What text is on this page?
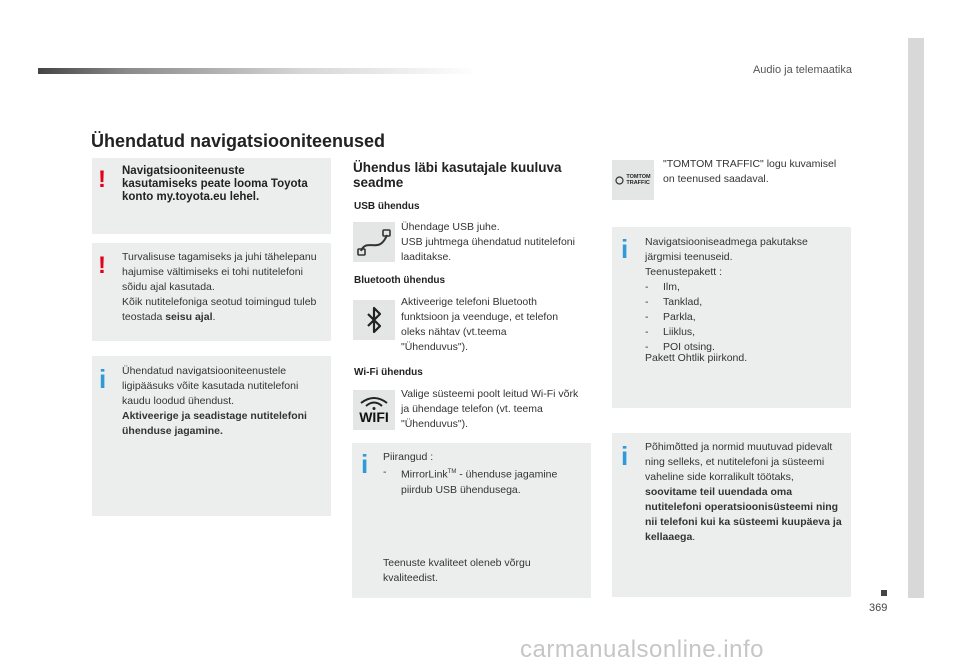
Audio ja telemaatika
369
Ühendatud navigatsiooniteenused
! Navigatsiooniteenuste kasutamiseks peate looma Toyota konto my.toyota.eu lehel.
! Turvalisuse tagamiseks ja juhi tähelepanu hajumise vältimiseks ei tohi nutitelefoni sõidu ajal kasutada.
Kõik nutitelefoniga seotud toimingud tuleb teostada seisu ajal.
i Ühendatud navigatsiooniteenustele ligipääsuks võite kasutada nutitelefoni kaudu loodud ühendust.
Aktiveerige ja seadistage nutitelefoni ühenduse jagamine.
Ühendus läbi kasutajale kuuluva seadme
USB ühendus
Ühendage USB juhe.
USB juhtmega ühendatud nutitelefoni laaditakse.
Bluetooth ühendus
Aktiveerige telefoni Bluetooth funktsioon ja veenduge, et telefon oleks nähtav (vt.teema "Ühenduvus").
Wi-Fi ühendus
WIFI
Valige süsteemi poolt leitud Wi-Fi võrk ja ühendage telefon (vt. teema "Ühenduvus").
i Piirangud :
- MirrorLink™ - ühenduse jagamine piirdub USB ühendusega.
Teenuste kvaliteet oleneb võrgu kvaliteedist.
TOMTOM
TRAFFIC
"TOMTOM TRAFFIC" logu kuvamisel on teenused saadaval.
i Navigatsiooniseadmega pakutakse järgmisi teenuseid.
Teenustepakett :
- Ilm,
- Tanklad,
- Parkla,
- Liiklus,
- POI otsing.
Pakett Ohtlik piirkond.
i Põhimõtted ja normid muutuvad pidevalt ning selleks, et nutitelefoni ja süsteemi vaheline side korralikult töötaks, soovitame teil uuendada oma nutitelefoni operatsioonisüsteemi ning nii telefoni kui ka süsteemi kuupäeva ja kellaaega.
carmanualsonline.info
